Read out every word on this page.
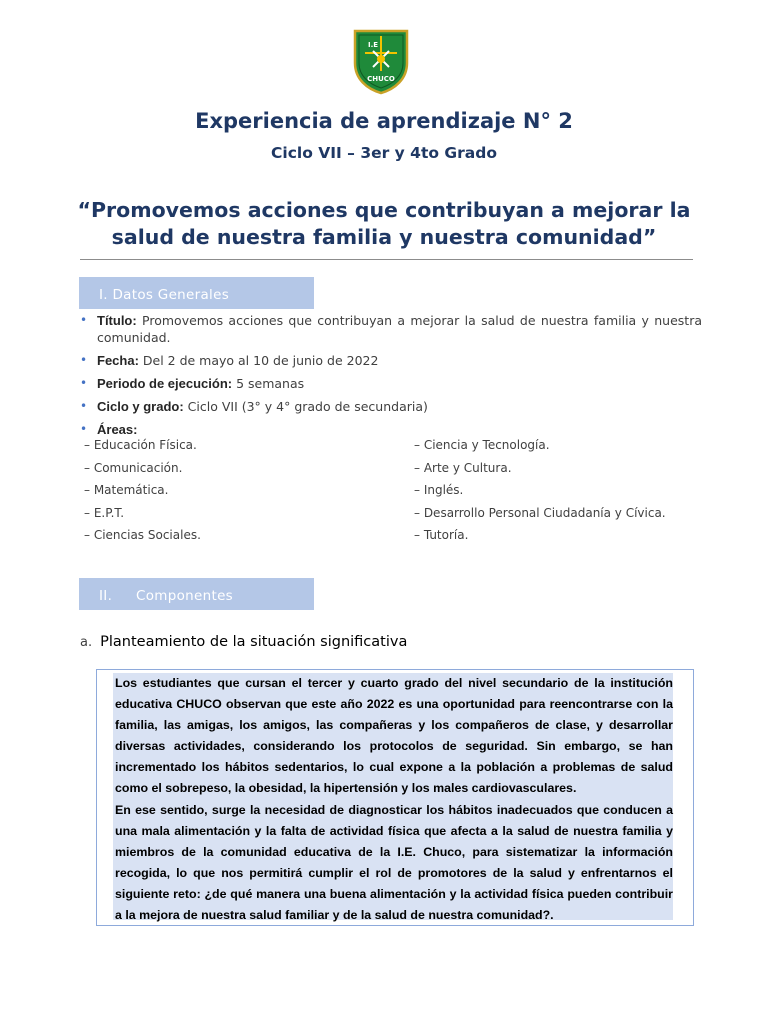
I.E
CHUCO
Experiencia de aprendizaje N° 2
Ciclo VII – 3er y 4to Grado
“Promovemos acciones que contribuyan a mejorar la
salud de nuestra familia y nuestra comunidad”
I. Datos Generales
• Título: Promovemos acciones que contribuyan a mejorar la salud de nuestra familia y nuestra comunidad.
• Fecha: Del 2 de mayo al 10 de junio de 2022
• Periodo de ejecución: 5 semanas
• Ciclo y grado: Ciclo VII (3° y 4° grado de secundaria)
• Áreas:
– Educación Física.
– Comunicación.
– Matemática.
– E.P.T.
– Ciencias Sociales.
– Ciencia y Tecnología.
– Arte y Cultura.
– Inglés.
– Desarrollo Personal Ciudadanía y Cívica.
– Tutoría.
II. Componentes
a. Planteamiento de la situación significativa

Los estudiantes que cursan el tercer y cuarto grado del nivel secundario de la institución educativa CHUCO observan que este año 2022 es una oportunidad para reencontrarse con la familia, las amigas, los amigos, las compañeras y los compañeros de clase, y desarrollar diversas actividades, considerando los protocolos de seguridad. Sin embargo, se han incrementado los hábitos sedentarios, lo cual expone a la población a problemas de salud como el sobrepeso, la obesidad, la hipertensión y los males cardiovasculares.

En ese sentido, surge la necesidad de diagnosticar los hábitos inadecuados que conducen a una mala alimentación y la falta de actividad física que afecta a la salud de nuestra familia y miembros de la comunidad educativa de la I.E. Chuco, para sistematizar la información recogida, lo que nos permitirá cumplir el rol de promotores de la salud y enfrentarnos el siguiente reto: ¿de qué manera una buena alimentación y la actividad física pueden contribuir a la mejora de nuestra salud familiar y de la salud de nuestra comunidad?.
